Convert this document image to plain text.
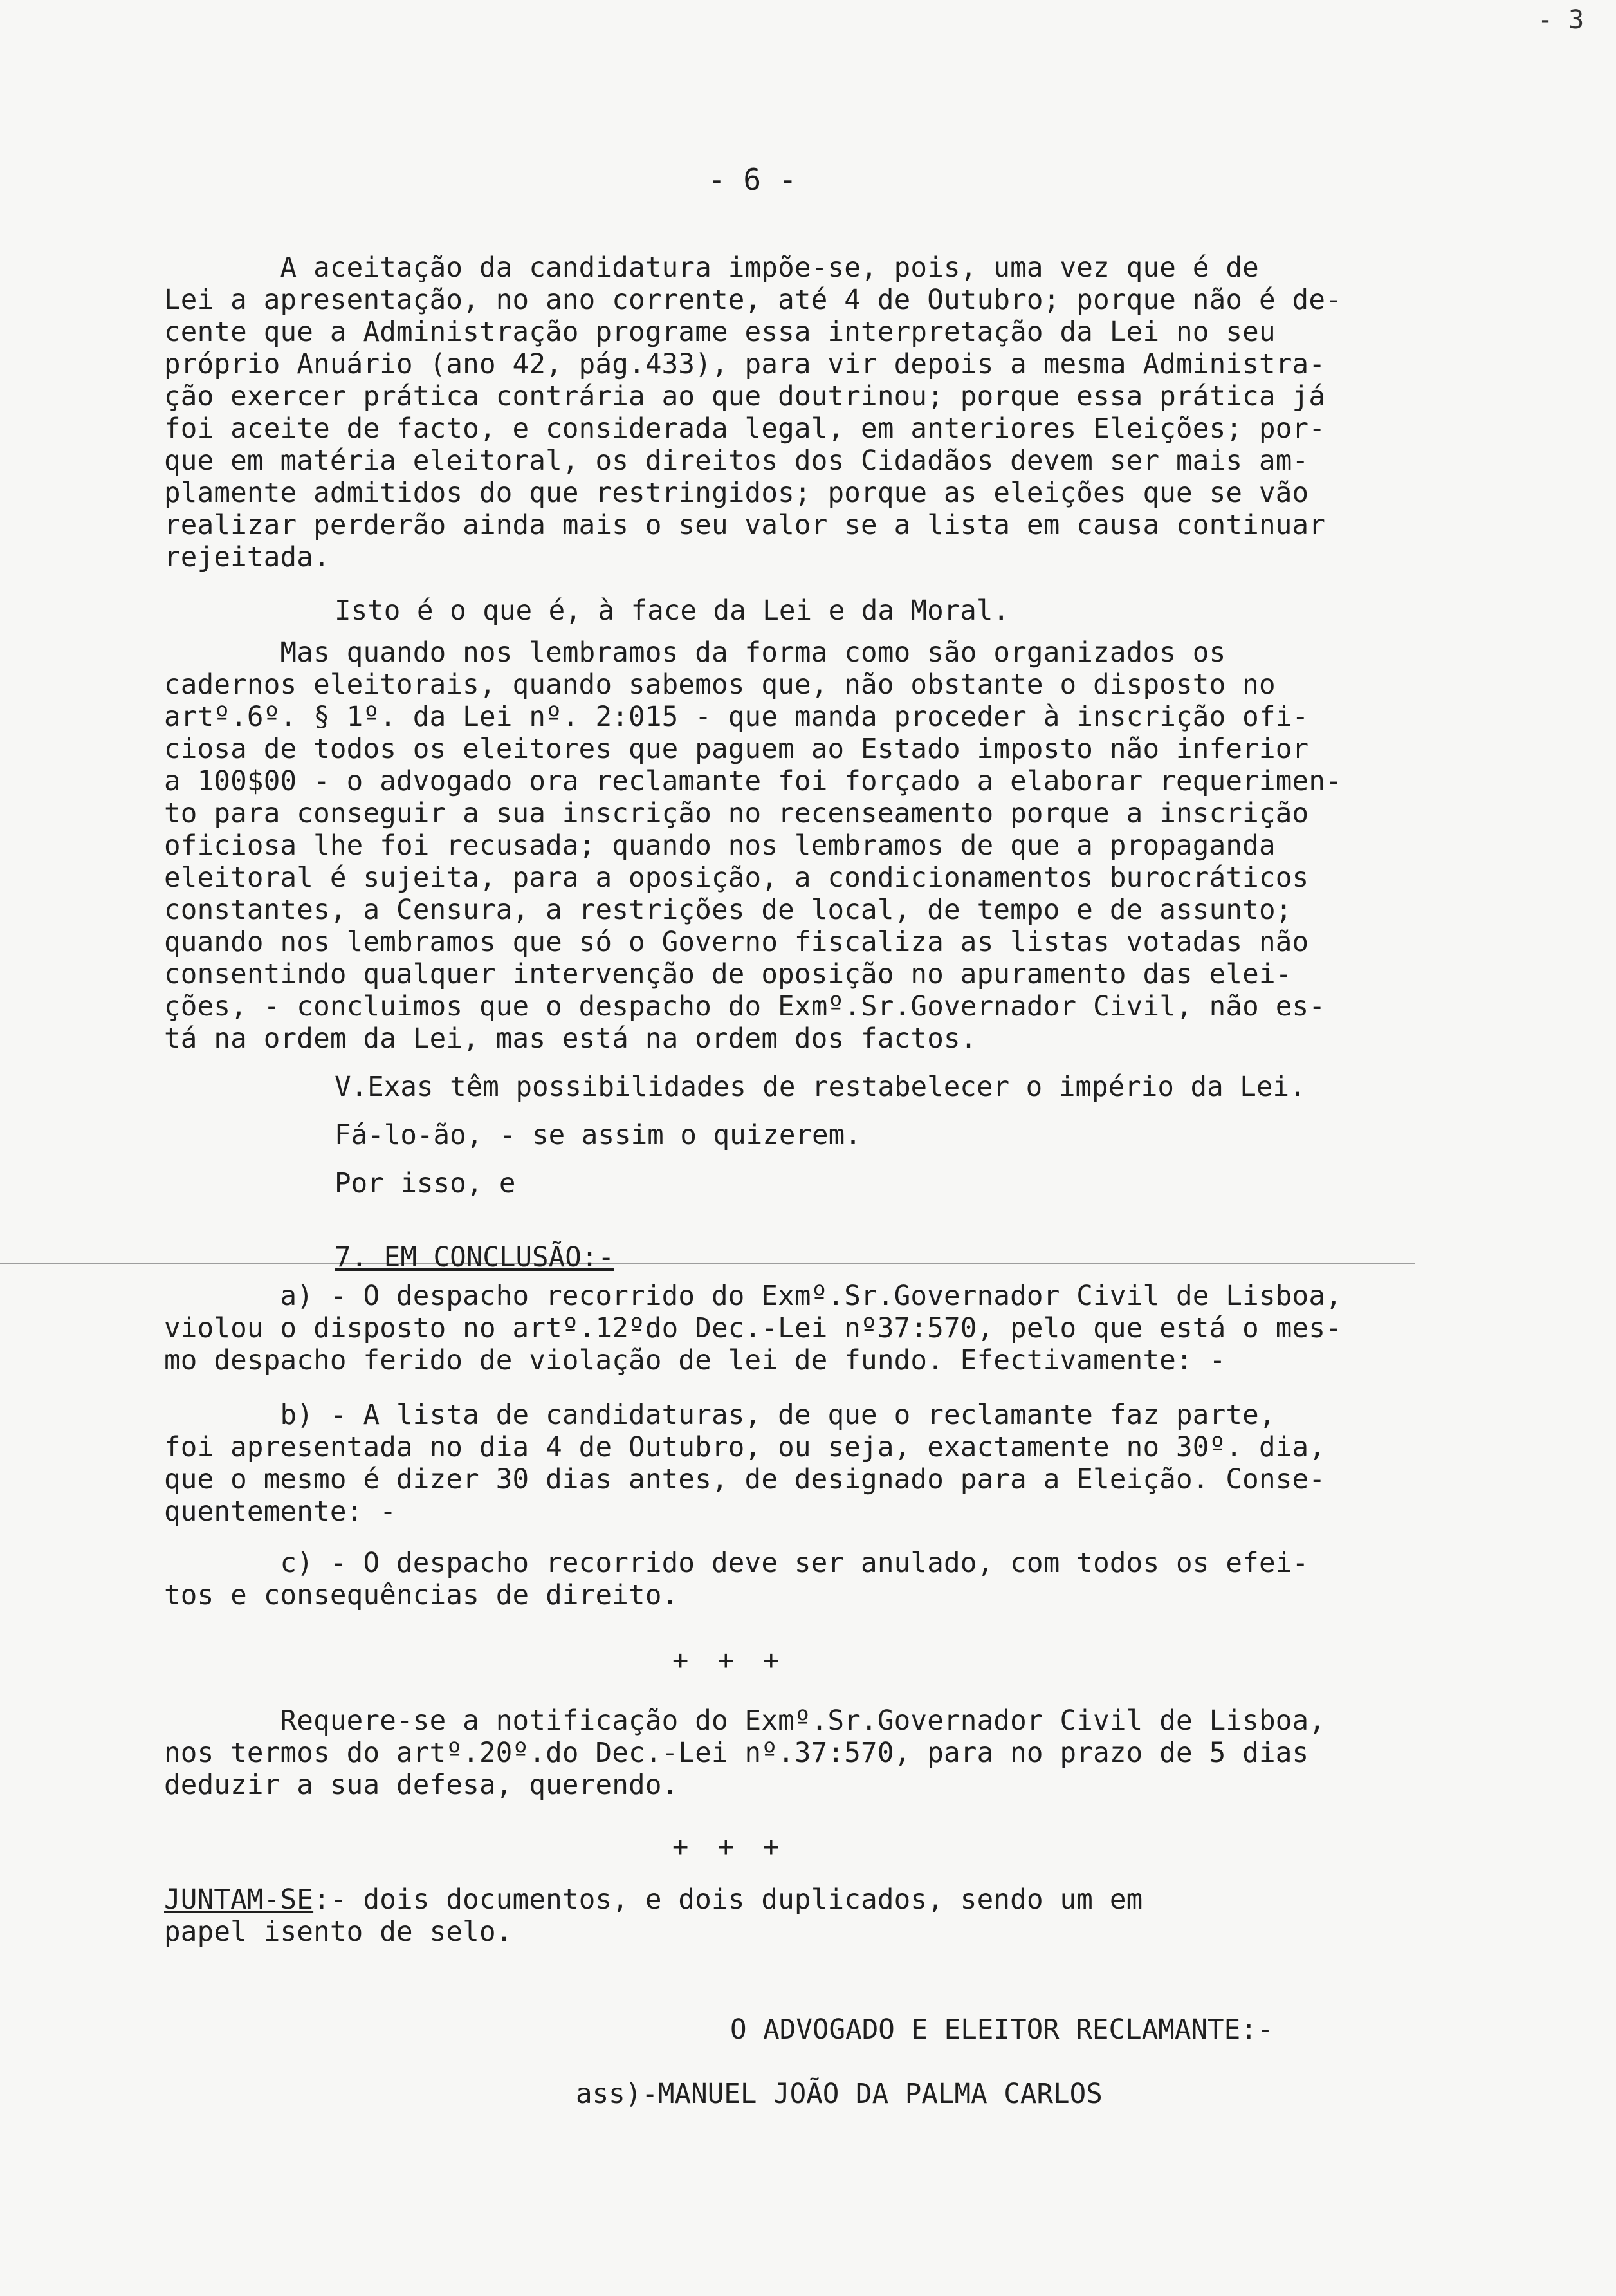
- 3
- 6 -
A aceitação da candidatura impõe-se, pois, uma vez que é de
Lei a apresentação, no ano corrente, até 4 de Outubro; porque não é de-
cente que a Administração programe essa interpretação da Lei no seu
próprio Anuário (ano 42, pág.433), para vir depois a mesma Administra-
ção exercer prática contrária ao que doutrinou; porque essa prática já
foi aceite de facto, e considerada legal, em anteriores Eleições; por-
que em matéria eleitoral, os direitos dos Cidadãos devem ser mais am-
plamente admitidos do que restringidos; porque as eleições que se vão
realizar perderão ainda mais o seu valor se a lista em causa continuar
rejeitada.
Isto é o que é, à face da Lei e da Moral.
Mas quando nos lembramos da forma como são organizados os
cadernos eleitorais, quando sabemos que, não obstante o disposto no
artº.6º. § 1º. da Lei nº. 2:015 - que manda proceder à inscrição ofi-
ciosa de todos os eleitores que paguem ao Estado imposto não inferior
a 100$00 - o advogado ora reclamante foi forçado a elaborar requerimen-
to para conseguir a sua inscrição no recenseamento porque a inscrição
oficiosa lhe foi recusada; quando nos lembramos de que a propaganda
eleitoral é sujeita, para a oposição, a condicionamentos burocráticos
constantes, a Censura, a restrições de local, de tempo e de assunto;
quando nos lembramos que só o Governo fiscaliza as listas votadas não
consentindo qualquer intervenção de oposição no apuramento das elei-
ções, - concluimos que o despacho do Exmº.Sr.Governador Civil, não es-
tá na ordem da Lei, mas está na ordem dos factos.
V.Exas têm possibilidades de restabelecer o império da Lei.
Fá-lo-ão, - se assim o quizerem.
Por isso, e
7. EM CONCLUSÃO:-
a) - O despacho recorrido do Exmº.Sr.Governador Civil de Lisboa,
violou o disposto no artº.12ºdo Dec.-Lei nº37:570, pelo que está o mes-
mo despacho ferido de violação de lei de fundo. Efectivamente: -
b) - A lista de candidaturas, de que o reclamante faz parte,
foi apresentada no dia 4 de Outubro, ou seja, exactamente no 30º. dia,
que o mesmo é dizer 30 dias antes, de designado para a Eleição. Conse-
quentemente: -
c) - O despacho recorrido deve ser anulado, com todos os efei-
tos e consequências de direito.
+ + +
Requere-se a notificação do Exmº.Sr.Governador Civil de Lisboa,
nos termos do artº.20º.do Dec.-Lei nº.37:570, para no prazo de 5 dias
deduzir a sua defesa, querendo.
+ + +
JUNTAM-SE:- dois documentos, e dois duplicados, sendo um em
papel isento de selo.
O ADVOGADO E ELEITOR RECLAMANTE:-
ass)-MANUEL JOÃO DA PALMA CARLOS
